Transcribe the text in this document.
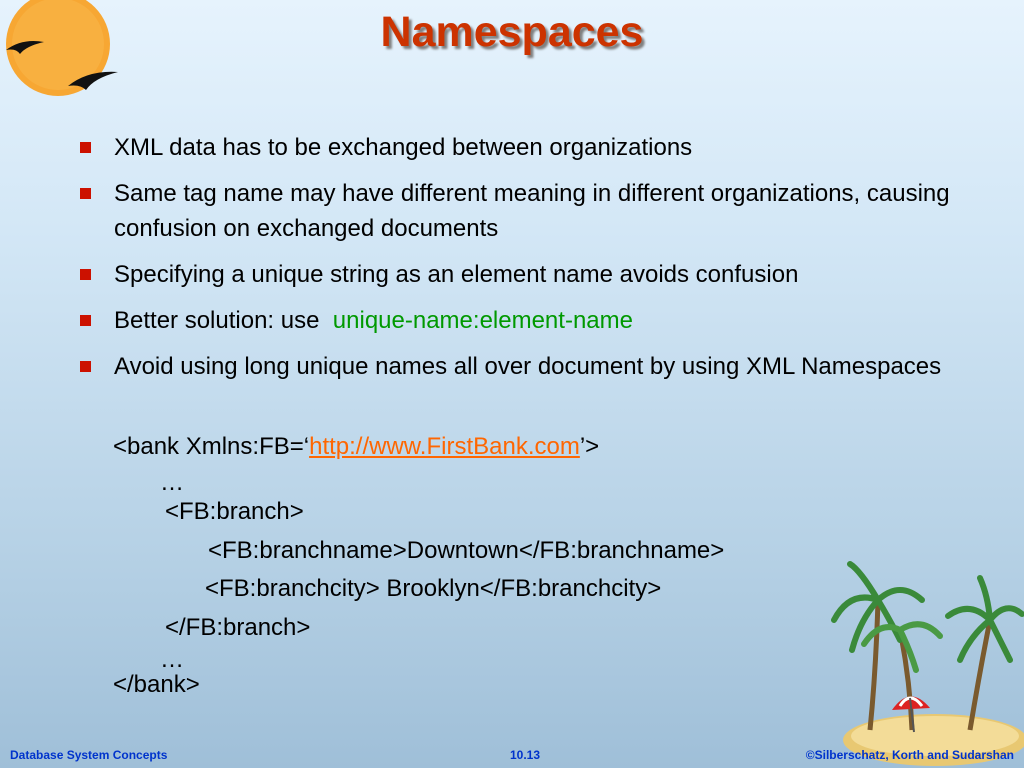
Namespaces
XML data has to be exchanged between organizations
Same tag name may have different meaning in different organizations, causing confusion on exchanged documents
Specifying a unique string as an element name avoids confusion
Better solution: use unique-name:element-name
Avoid using long unique names all over document by using XML Namespaces
<bank Xmlns:FB=‘http://www.FirstBank.com’>
…
<FB:branch>
<FB:branchname>Downtown</FB:branchname>
<FB:branchcity> Brooklyn</FB:branchcity>
</FB:branch>
…
</bank>
Database System Concepts	10.13	©Silberschatz, Korth and Sudarshan
